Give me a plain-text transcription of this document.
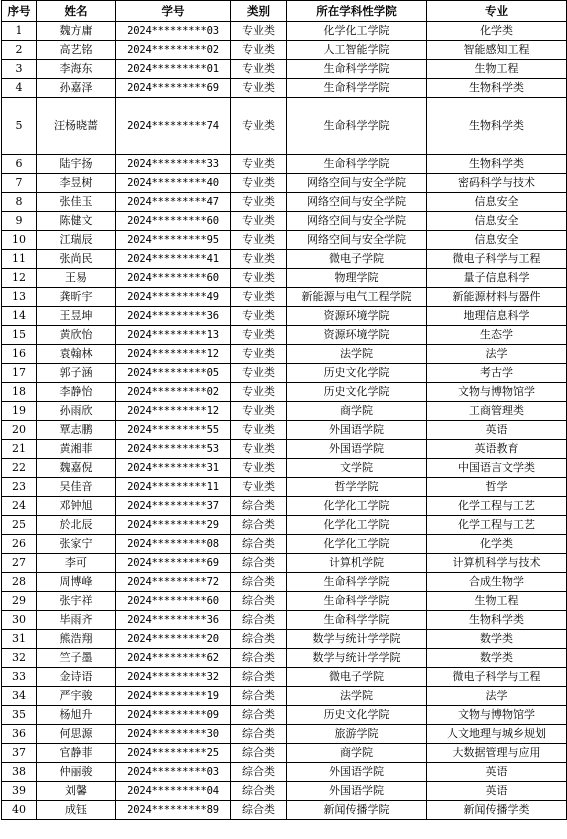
序号	姓名	学号	类别	所在学科性学院	专业
1	魏方庸	2024*********03	专业类	化学化工学院	化学类
2	高艺铭	2024*********02	专业类	人工智能学院	智能感知工程
3	李海东	2024*********01	专业类	生命科学学院	生物工程
4	孙嘉泽	2024*********69	专业类	生命科学学院	生物科学类
5	汪杨晓蔷	2024*********74	专业类	生命科学学院	生物科学类
6	陆宇扬	2024*********33	专业类	生命科学学院	生物科学类
7	李昱树	2024*********40	专业类	网络空间与安全学院	密码科学与技术
8	张佳玉	2024*********47	专业类	网络空间与安全学院	信息安全
9	陈健文	2024*********60	专业类	网络空间与安全学院	信息安全
10	江瑞辰	2024*********95	专业类	网络空间与安全学院	信息安全
11	张尚民	2024*********41	专业类	微电子学院	微电子科学与工程
12	王易	2024*********60	专业类	物理学院	量子信息科学
13	龚昕宇	2024*********49	专业类	新能源与电气工程学院	新能源材料与器件
14	王昱坤	2024*********36	专业类	资源环境学院	地理信息科学
15	黄欣怡	2024*********13	专业类	资源环境学院	生态学
16	袁翰林	2024*********12	专业类	法学院	法学
17	郭子涵	2024*********05	专业类	历史文化学院	考古学
18	李静怡	2024*********02	专业类	历史文化学院	文物与博物馆学
19	孙雨欣	2024*********12	专业类	商学院	工商管理类
20	覃志鹏	2024*********55	专业类	外国语学院	英语
21	黄湘菲	2024*********53	专业类	外国语学院	英语教育
22	魏嘉倪	2024*********31	专业类	文学院	中国语言文学类
23	吴佳音	2024*********11	专业类	哲学学院	哲学
24	邓钟旭	2024*********37	综合类	化学化工学院	化学工程与工艺
25	於北辰	2024*********29	综合类	化学化工学院	化学工程与工艺
26	张家宁	2024*********08	综合类	化学化工学院	化学类
27	李可	2024*********69	综合类	计算机学院	计算机科学与技术
28	周博峰	2024*********72	综合类	生命科学学院	合成生物学
29	张宇祥	2024*********60	综合类	生命科学学院	生物工程
30	毕雨齐	2024*********36	综合类	生命科学学院	生物科学类
31	熊浩翔	2024*********20	综合类	数学与统计学学院	数学类
32	竺子墨	2024*********62	综合类	数学与统计学学院	数学类
33	金诗语	2024*********32	综合类	微电子学院	微电子科学与工程
34	严宇骏	2024*********19	综合类	法学院	法学
35	杨旭升	2024*********09	综合类	历史文化学院	文物与博物馆学
36	何思源	2024*********30	综合类	旅游学院	人文地理与城乡规划
37	官静菲	2024*********25	综合类	商学院	大数据管理与应用
38	仲丽骏	2024*********03	综合类	外国语学院	英语
39	刘馨	2024*********04	综合类	外国语学院	英语
40	成钰	2024*********89	综合类	新闻传播学院	新闻传播学类
